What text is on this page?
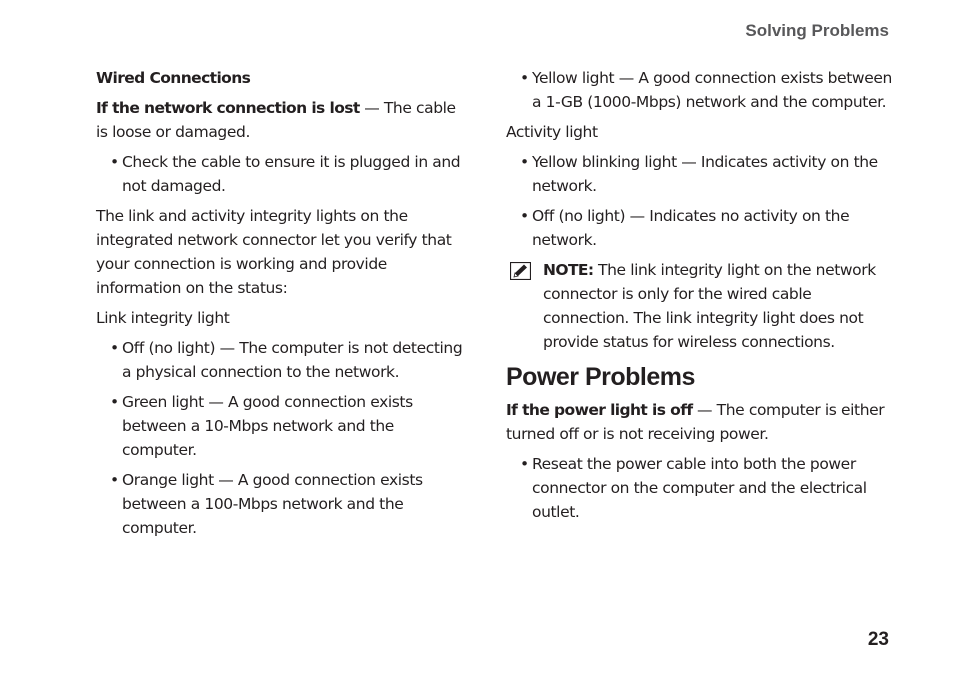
Solving Problems

Wired Connections

If the network connection is lost — The cable is loose or damaged.

• Check the cable to ensure it is plugged in and not damaged.

The link and activity integrity lights on the integrated network connector let you verify that your connection is working and provide information on the status:

Link integrity light

• Off (no light) — The computer is not detecting a physical connection to the network.
• Green light — A good connection exists between a 10-Mbps network and the computer.
• Orange light — A good connection exists between a 100-Mbps network and the computer.
• Yellow light — A good connection exists between a 1-GB (1000-Mbps) network and the computer.

Activity light

• Yellow blinking light — Indicates activity on the network.
• Off (no light) — Indicates no activity on the network.
NOTE: The link integrity light on the network connector is only for the wired cable connection. The link integrity light does not provide status for wireless connections.
Power Problems

If the power light is off — The computer is either turned off or is not receiving power.

• Reseat the power cable into both the power connector on the computer and the electrical outlet.
23
